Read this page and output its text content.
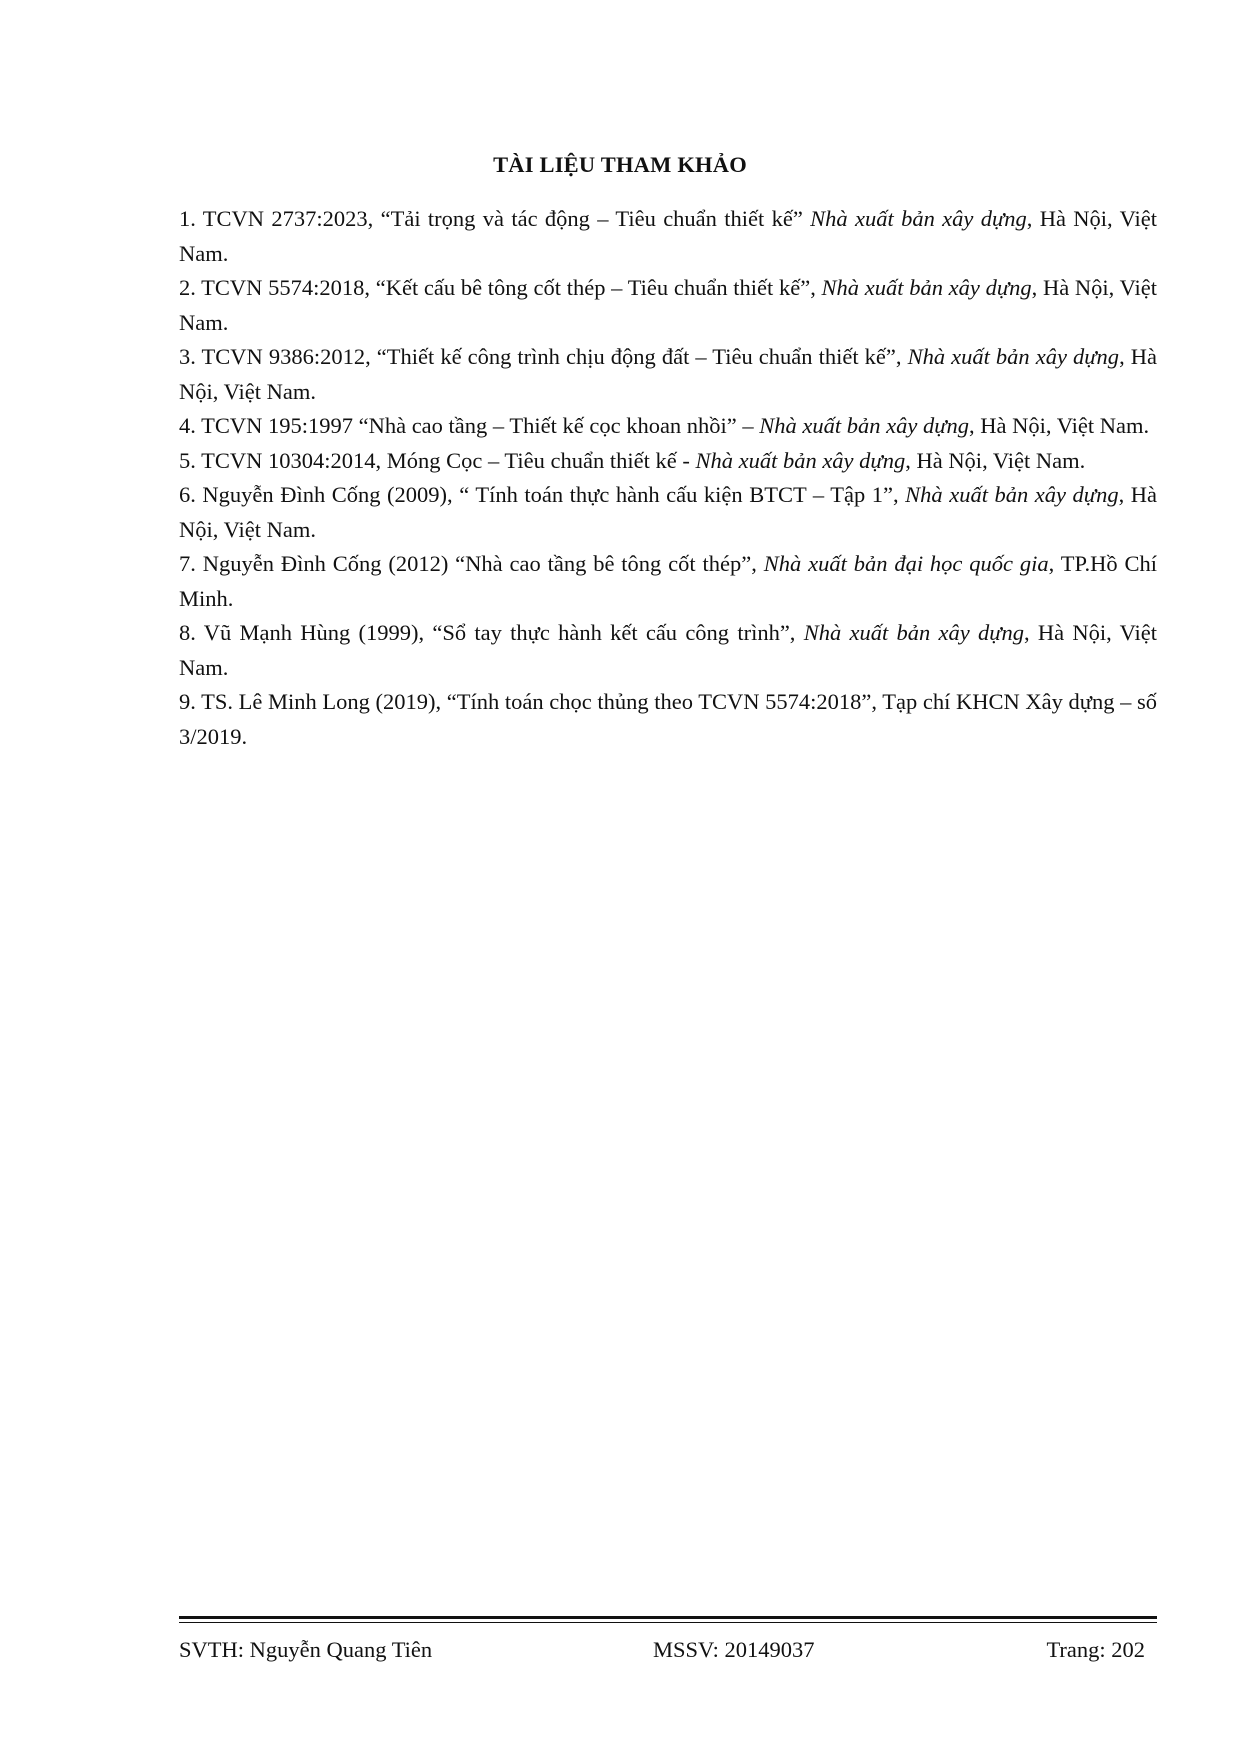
TÀI LIỆU THAM KHẢO

1. TCVN 2737:2023, “Tải trọng và tác động – Tiêu chuẩn thiết kế” Nhà xuất bản xây dựng, Hà Nội, Việt Nam.

2. TCVN 5574:2018, “Kết cấu bê tông cốt thép – Tiêu chuẩn thiết kế”, Nhà xuất bản xây dựng, Hà Nội, Việt Nam.

3. TCVN 9386:2012, “Thiết kế công trình chịu động đất – Tiêu chuẩn thiết kế”, Nhà xuất bản xây dựng, Hà Nội, Việt Nam.

4. TCVN 195:1997 “Nhà cao tầng – Thiết kế cọc khoan nhồi” – Nhà xuất bản xây dựng, Hà Nội, Việt Nam.

5. TCVN 10304:2014, Móng Cọc – Tiêu chuẩn thiết kế - Nhà xuất bản xây dựng, Hà Nội, Việt Nam.

6. Nguyễn Đình Cống (2009), “ Tính toán thực hành cấu kiện BTCT – Tập 1”, Nhà xuất bản xây dựng, Hà Nội, Việt Nam.

7. Nguyễn Đình Cống (2012) “Nhà cao tầng bê tông cốt thép”, Nhà xuất bản đại học quốc gia, TP.Hồ Chí Minh.

8. Vũ Mạnh Hùng (1999), “Sổ tay thực hành kết cấu công trình”, Nhà xuất bản xây dựng, Hà Nội, Việt Nam.

9. TS. Lê Minh Long (2019), “Tính toán chọc thủng theo TCVN 5574:2018”, Tạp chí KHCN Xây dựng – số 3/2019.

SVTH: Nguyễn Quang Tiên	MSSV: 20149037	Trang: 202
